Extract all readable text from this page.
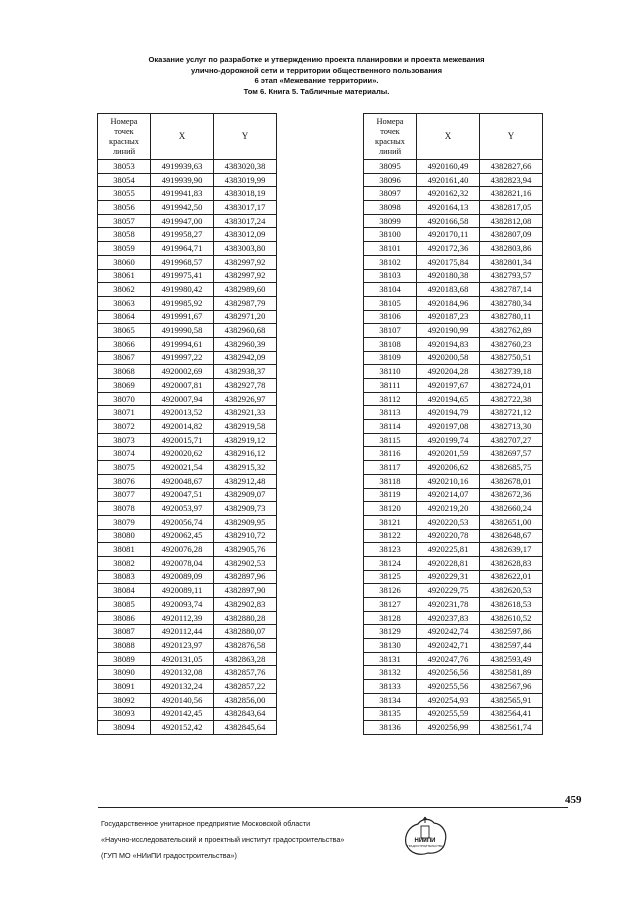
Оказание услуг по разработке и утверждению проекта планировки и проекта межевания
улично-дорожной сети и территории общественного пользования
6 этап «Межевание территории».
Том 6. Книга 5. Табличные материалы.
Номера
точек
красных
линий	X	Y
38053	4919939,63	4383020,38
38054	4919939,90	4383019,99
38055	4919941,83	4383018,19
38056	4919942,50	4383017,17
38057	4919947,00	4383017,24
38058	4919958,27	4383012,09
38059	4919964,71	4383003,80
38060	4919968,57	4382997,92
38061	4919975,41	4382997,92
38062	4919980,42	4382989,60
38063	4919985,92	4382987,79
38064	4919991,67	4382971,20
38065	4919990,58	4382960,68
38066	4919994,61	4382960,39
38067	4919997,22	4382942,09
38068	4920002,69	4382938,37
38069	4920007,81	4382927,78
38070	4920007,94	4382926,97
38071	4920013,52	4382921,33
38072	4920014,82	4382919,58
38073	4920015,71	4382919,12
38074	4920020,62	4382916,12
38075	4920021,54	4382915,32
38076	4920048,67	4382912,48
38077	4920047,51	4382909,07
38078	4920053,97	4382909,73
38079	4920056,74	4382909,95
38080	4920062,45	4382910,72
38081	4920076,28	4382905,76
38082	4920078,04	4382902,53
38083	4920089,09	4382897,96
38084	4920089,11	4382897,90
38085	4920093,74	4382902,83
38086	4920112,39	4382880,28
38087	4920112,44	4382880,07
38088	4920123,97	4382876,58
38089	4920131,05	4382863,28
38090	4920132,08	4382857,76
38091	4920132,24	4382857,22
38092	4920140,56	4382856,00
38093	4920142,45	4382843,64
38094	4920152,42	4382845,64
Номера
точек
красных
линий	X	Y
38095	4920160,49	4382827,66
38096	4920161,40	4382823,94
38097	4920162,32	4382821,16
38098	4920164,13	4382817,05
38099	4920166,58	4382812,08
38100	4920170,11	4382807,09
38101	4920172,36	4382803,86
38102	4920175,84	4382801,34
38103	4920180,38	4382793,57
38104	4920183,68	4382787,14
38105	4920184,96	4382780,34
38106	4920187,23	4382780,11
38107	4920190,99	4382762,89
38108	4920194,83	4382760,23
38109	4920200,58	4382750,51
38110	4920204,28	4382739,18
38111	4920197,67	4382724,01
38112	4920194,65	4382722,38
38113	4920194,79	4382721,12
38114	4920197,08	4382713,30
38115	4920199,74	4382707,27
38116	4920201,59	4382697,57
38117	4920206,62	4382685,75
38118	4920210,16	4382678,01
38119	4920214,07	4382672,36
38120	4920219,20	4382660,24
38121	4920220,53	4382651,00
38122	4920220,78	4382648,67
38123	4920225,81	4382639,17
38124	4920228,81	4382628,83
38125	4920229,31	4382622,01
38126	4920229,75	4382620,53
38127	4920231,78	4382618,53
38128	4920237,83	4382610,52
38129	4920242,74	4382597,86
38130	4920242,71	4382597,44
38131	4920247,76	4382593,49
38132	4920256,56	4382581,89
38133	4920255,56	4382567,96
38134	4920254,93	4382565,91
38135	4920255,59	4382564,41
38136	4920256,99	4382561,74
459
Государственное унитарное предприятие Московской области
«Научно-исследовательский и проектный институт градостроительства»
(ГУП МО «НИиПИ градостроительства»)
НИиПИ
ГРАДОСТРОИТЕЛЬСТВА
